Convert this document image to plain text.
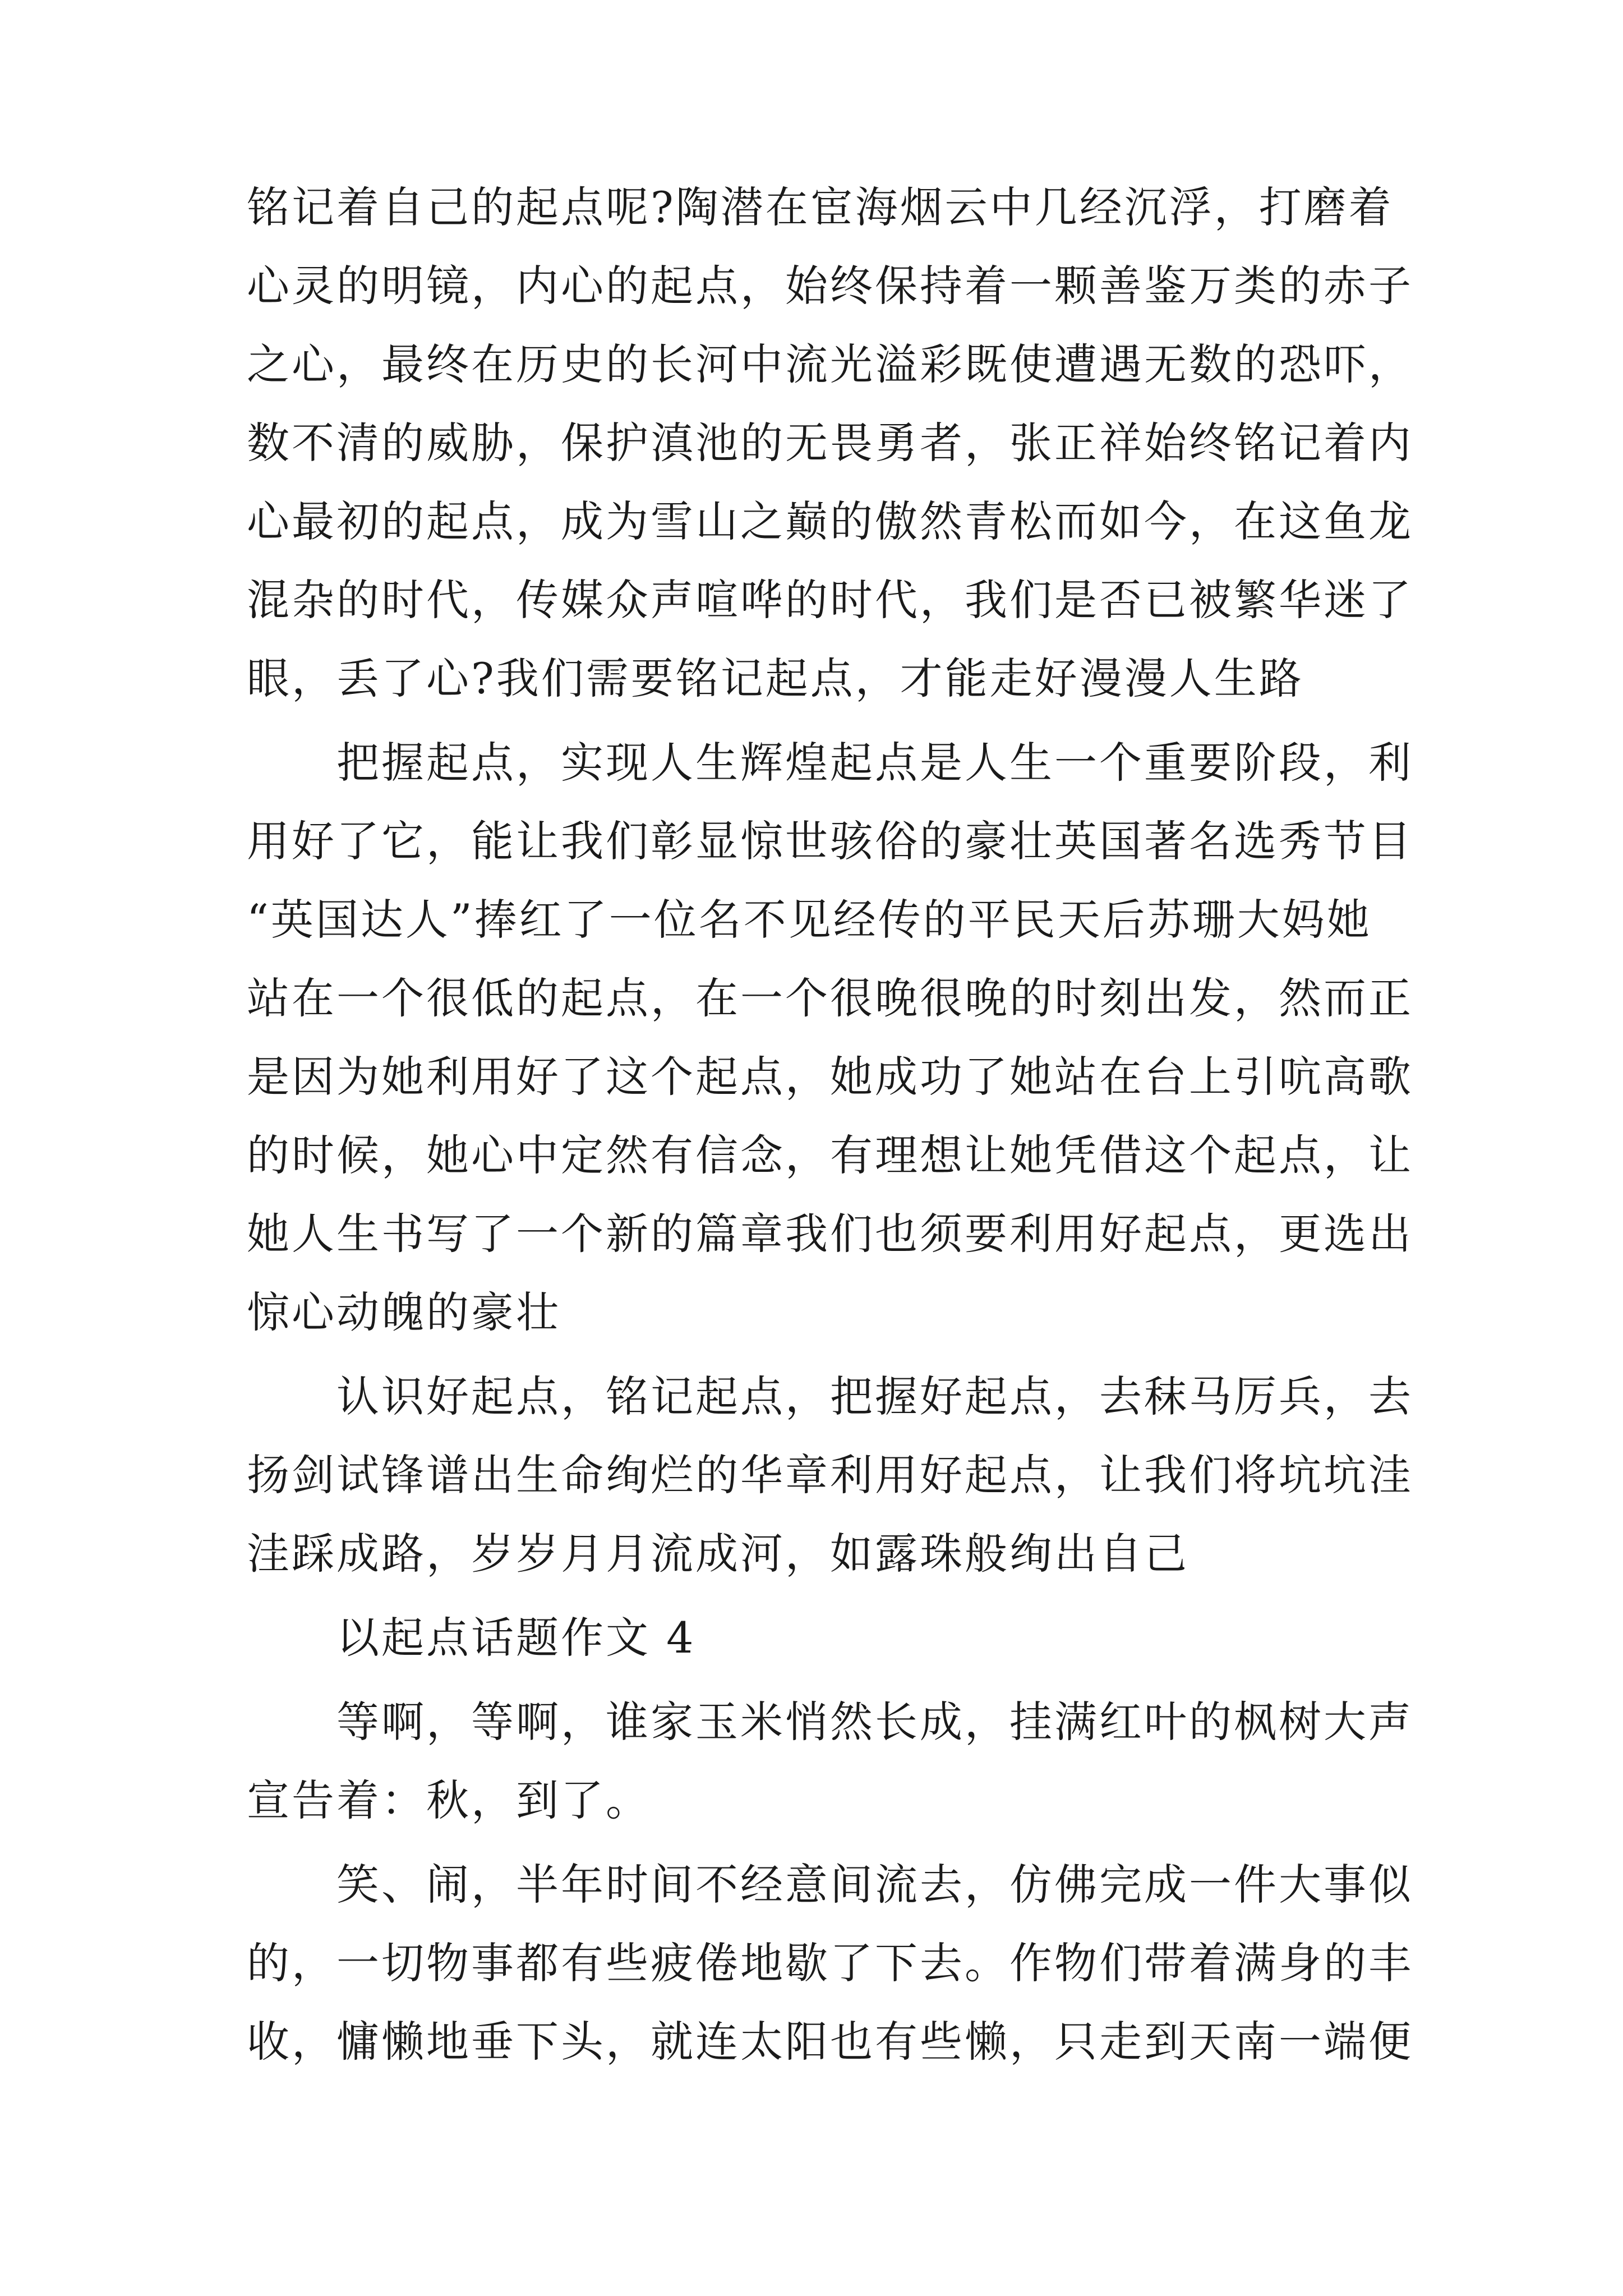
铭记着自己的起点呢?陶潜在宦海烟云中几经沉浮，打磨着
心灵的明镜，内心的起点，始终保持着一颗善鉴万类的赤子
之心，最终在历史的长河中流光溢彩既使遭遇无数的恐吓，
数不清的威胁，保护滇池的无畏勇者，张正祥始终铭记着内
心最初的起点，成为雪山之巅的傲然青松而如今，在这鱼龙
混杂的时代，传媒众声喧哗的时代，我们是否已被繁华迷了
眼，丢了心?我们需要铭记起点，才能走好漫漫人生路
把握起点，实现人生辉煌起点是人生一个重要阶段，利
用好了它，能让我们彰显惊世骇俗的豪壮英国著名选秀节目
“英国达人”捧红了一位名不见经传的平民天后苏珊大妈她
站在一个很低的起点，在一个很晚很晚的时刻出发，然而正
是因为她利用好了这个起点，她成功了她站在台上引吭高歌
的时候，她心中定然有信念，有理想让她凭借这个起点，让
她人生书写了一个新的篇章我们也须要利用好起点，更选出
惊心动魄的豪壮
认识好起点，铭记起点，把握好起点，去秣马厉兵，去
扬剑试锋谱出生命绚烂的华章利用好起点，让我们将坑坑洼
洼踩成路，岁岁月月流成河，如露珠般绚出自己
以起点话题作文 4
等啊，等啊，谁家玉米悄然长成，挂满红叶的枫树大声
宣告着：秋，到了。
笑、闹，半年时间不经意间流去，仿佛完成一件大事似
的，一切物事都有些疲倦地歇了下去。作物们带着满身的丰
收，慵懒地垂下头，就连太阳也有些懒，只走到天南一端便
